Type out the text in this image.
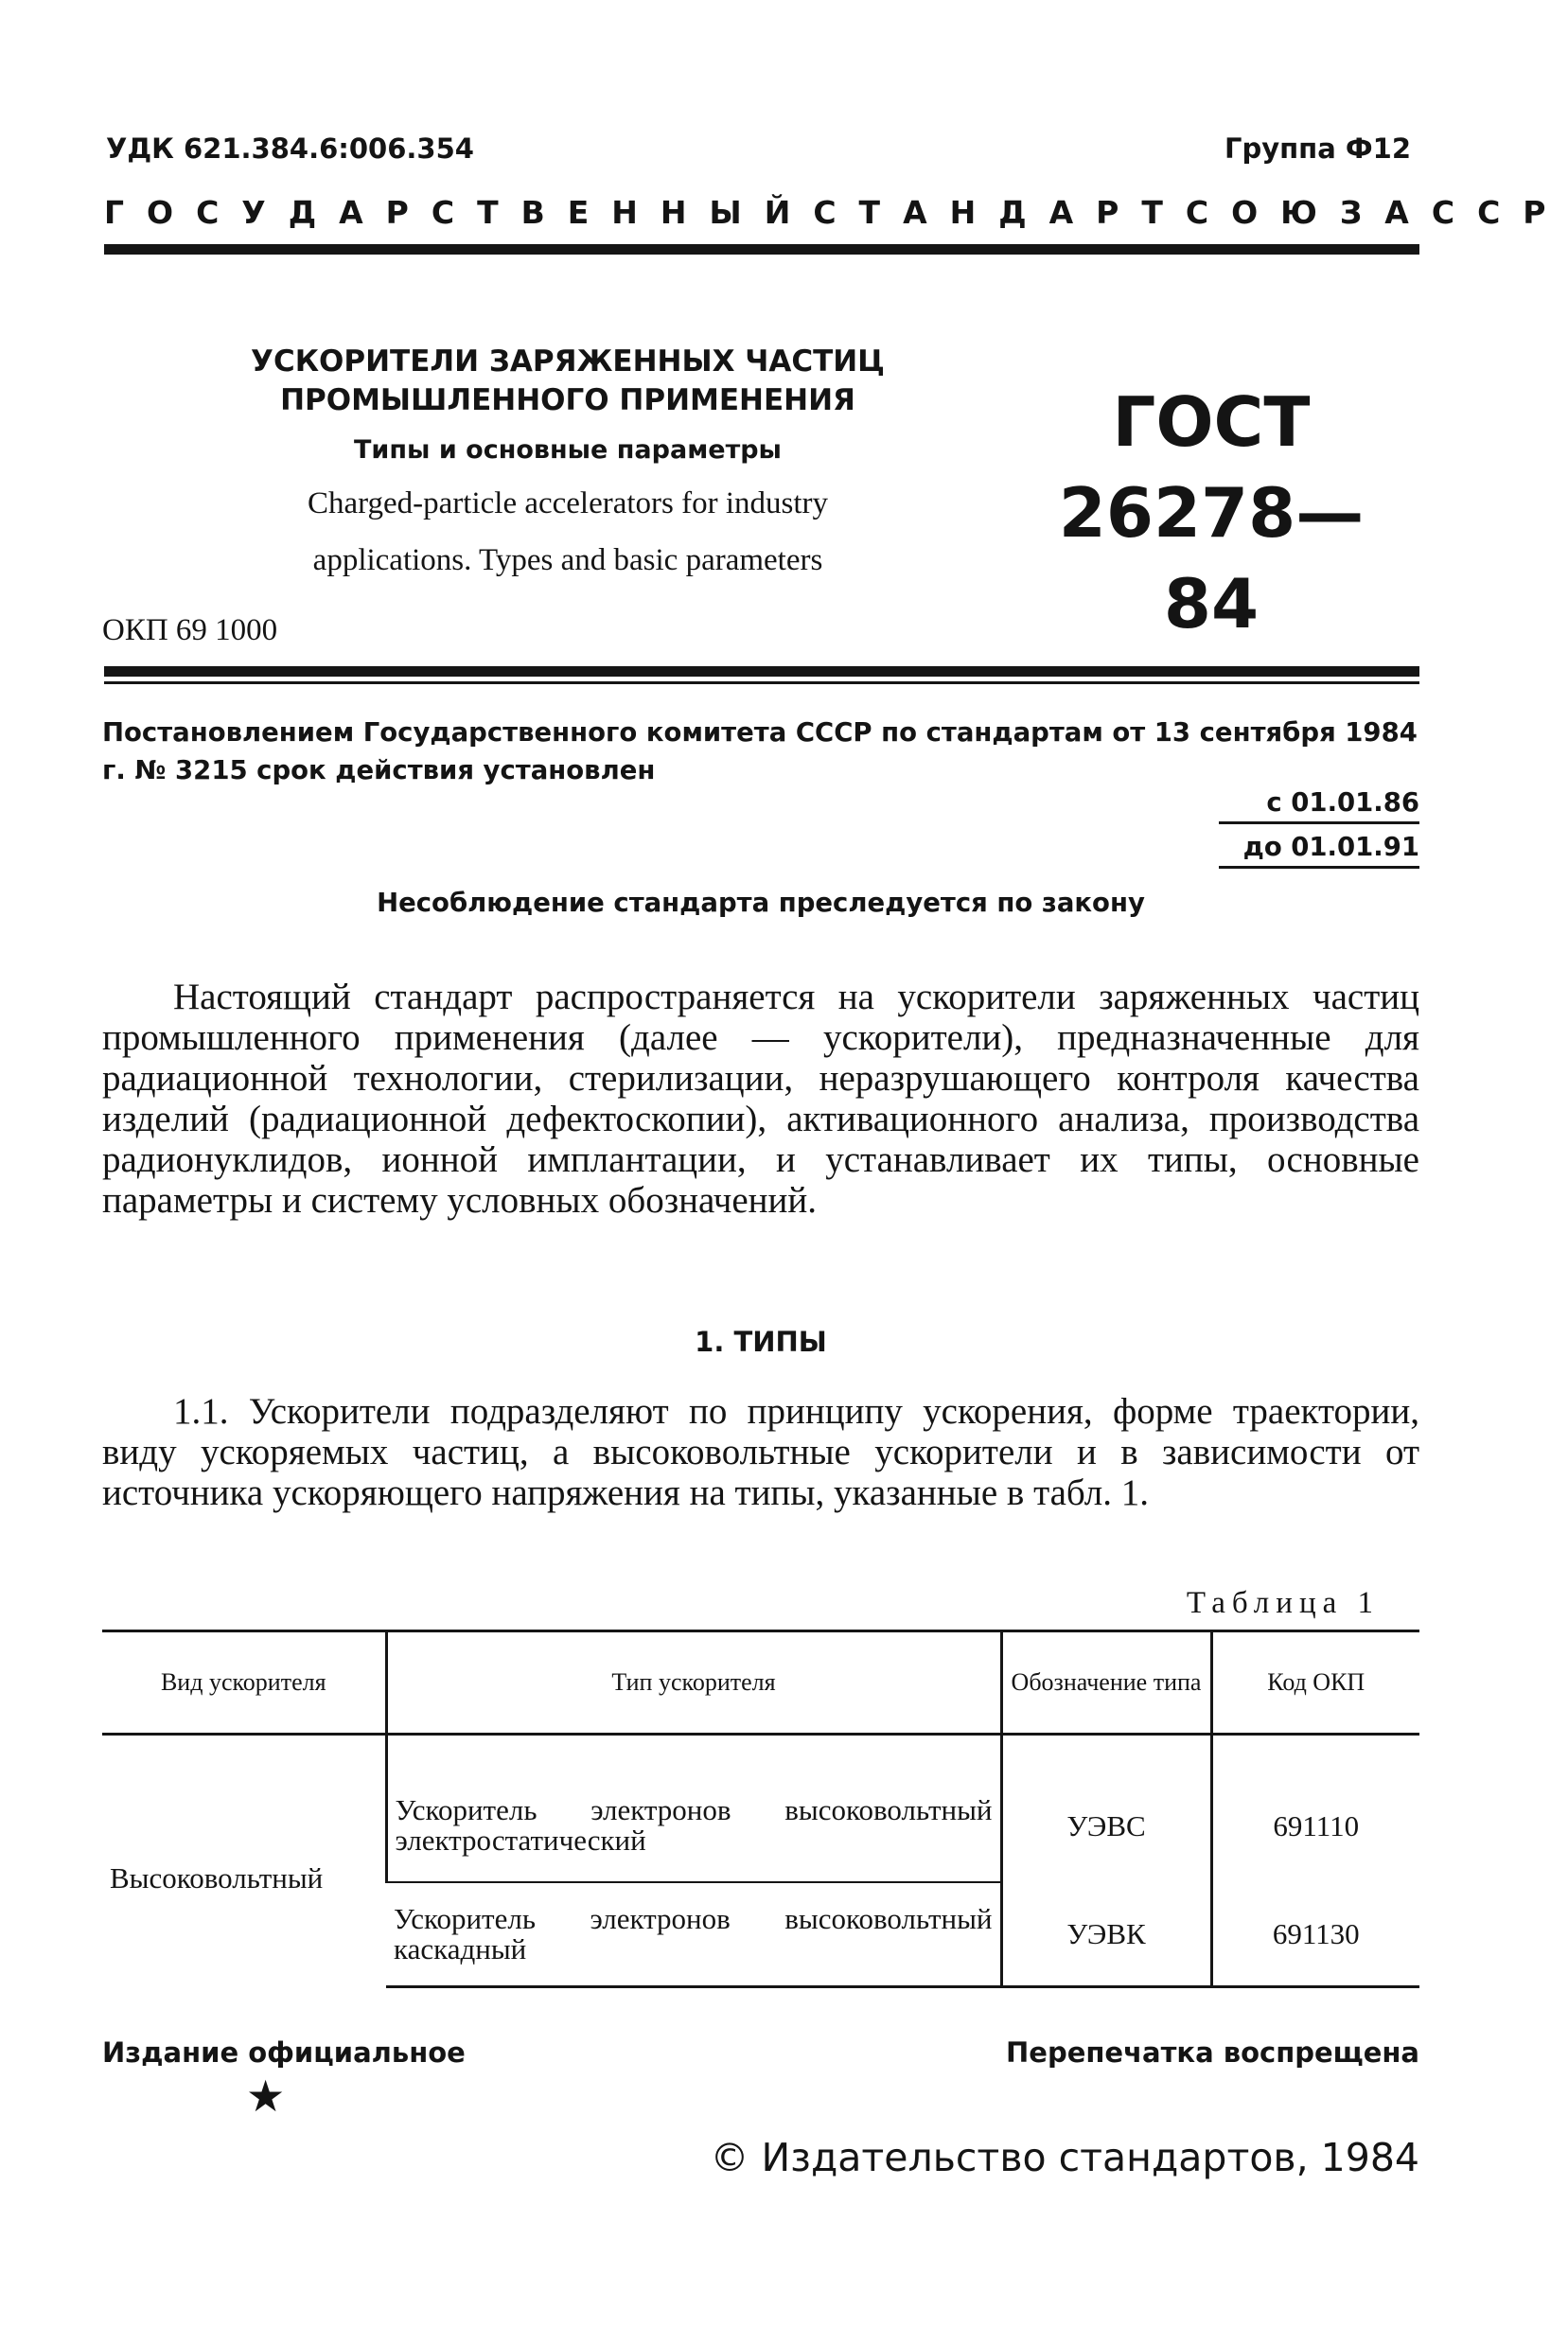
УДК 621.384.6:006.354	Группа Ф12
ГОСУДАРСТВЕННЫЙ СТАНДАРТ СОЮЗА ССР
УСКОРИТЕЛИ ЗАРЯЖЕННЫХ ЧАСТИЦ
ПРОМЫШЛЕННОГО ПРИМЕНЕНИЯ
Типы и основные параметры
Charged-particle accelerators for industry
applications. Types and basic parameters
ГОСТ
26278—84
ОКП 69 1000
Постановлением Государственного комитета СССР по стандартам от 13 сентября 1984 г. № 3215 срок действия установлен
с 01.01.86
до 01.01.91
Несоблюдение стандарта преследуется по закону

Настоящий стандарт распространяется на ускорители заряженных частиц промышленного применения (далее — ускорители), предназначенные для радиационной технологии, стерилизации, неразрушающего контроля качества изделий (радиационной дефектоскопии), активационного анализа, производства радионуклидов, ионной имплантации, и устанавливает их типы, основные параметры и систему условных обозначений.

1. ТИПЫ

1.1. Ускорители подразделяют по принципу ускорения, форме траектории, виду ускоряемых частиц, а высоковольтные ускорители и в зависимости от источника ускоряющего напряжения на типы, указанные в табл. 1.

Таблица 1
Вид ускорителя	Тип ускорителя	Обозначение типа	Код ОКП
Высоковольтный	Ускоритель электронов высоковольтный электростатический	УЭВС	691110
	Ускоритель электронов высоковольтный каскадный	УЭВК	691130
Издание официальное
★
Перепечатка воспрещена
© Издательство стандартов, 1984
